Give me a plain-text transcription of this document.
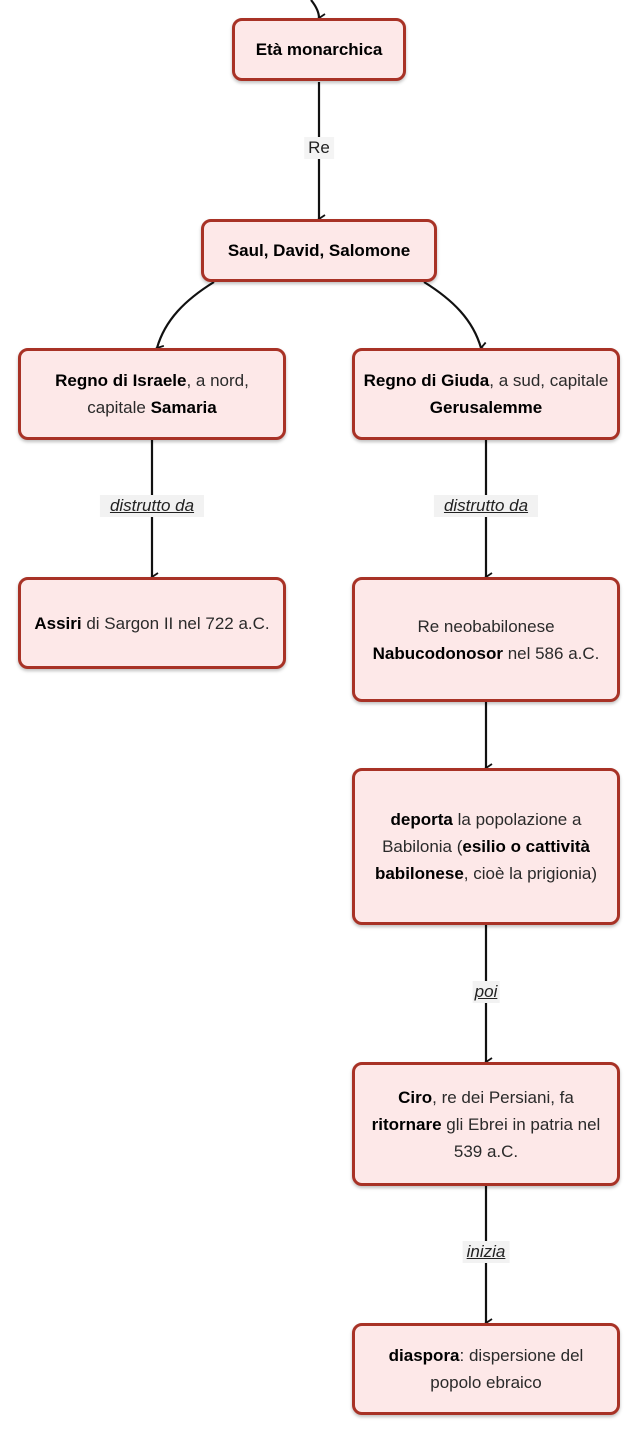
Età monarchica
Re
Saul, David, Salomone
Regno di Israele, a nord, capitale Samaria
Regno di Giuda, a sud, capitale Gerusalemme
distrutto da	distrutto da
Assiri di Sargon II nel 722 a.C.	Re neobabilonese Nabucodonosor nel 586 a.C.
deporta la popolazione a Babilonia (esilio o cattività babilonese, cioè la prigionia)
poi
Ciro, re dei Persiani, fa ritornare gli Ebrei in patria nel 539 a.C.
inizia
diaspora: dispersione del popolo ebraico
